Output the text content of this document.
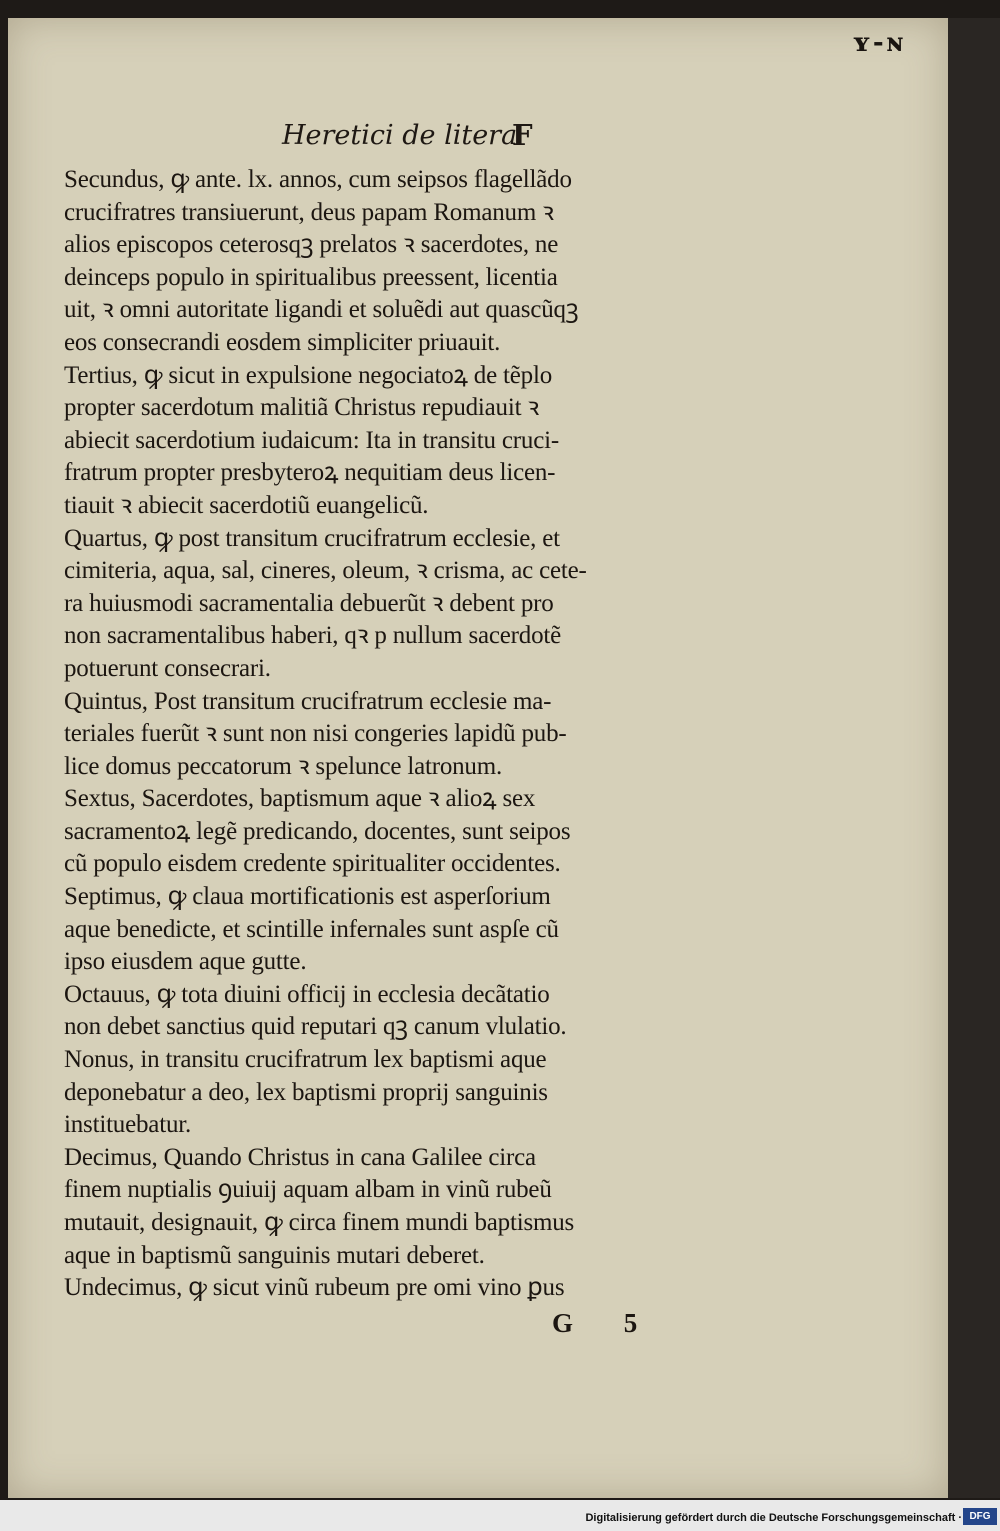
ʏ-ɴ
Heretici de litera
F
Secundus, ꝙ ante. lx. annos, cum seipsos flagellãdo
crucifratres transiuerunt, deus papam Romanum ꝛ
alios episcopos ceterosqꝫ prelatos ꝛ sacerdotes, ne
deinceps populo in spiritualibus preessent, licentia
uit, ꝛ omni autoritate ligandi et soluẽdi aut quascũqꝫ
eos consecrandi eosdem simpliciter priuauit.
Tertius, ꝙ sicut in expulsione negociatoꝝ de tẽplo
propter sacerdotum malitiã Christus repudiauit ꝛ
abiecit sacerdotium iudaicum: Ita in transitu cruci-
fratrum propter presbyteroꝝ nequitiam deus licen-
tiauit ꝛ abiecit sacerdotiũ euangelicũ.
Quartus, ꝙ post transitum crucifratrum ecclesie, et
cimiteria, aqua, sal, cineres, oleum, ꝛ crisma, ac cete-
ra huiusmodi sacramentalia debuerũt ꝛ debent pro
non sacramentalibus haberi, qꝛ p nullum sacerdotẽ
potuerunt consecrari.
Quintus, Post transitum crucifratrum ecclesie ma-
teriales fuerũt ꝛ sunt non nisi congeries lapidũ pub-
lice domus peccatorum ꝛ spelunce latronum.
Sextus, Sacerdotes, baptismum aque ꝛ alioꝝ sex
sacramentoꝝ legẽ predicando, docentes, sunt seipos
cũ populo eisdem credente spiritualiter occidentes.
Septimus, ꝙ claua mortificationis est asperſorium
aque benedicte, et scintille infernales sunt aspſe cũ
ipso eiusdem aque gutte.
Octauus, ꝙ tota diuini officij in ecclesia decãtatio
non debet sanctius quid reputari qꝫ canum vlulatio.
Nonus, in transitu crucifratrum lex baptismi aque
deponebatur a deo, lex baptismi proprij sanguinis
instituebatur.
Decimus, Quando Christus in cana Galilee circa
finem nuptialis ꝯuiuij aquam albam in vinũ rubeũ
mutauit, designauit, ꝙ circa finem mundi baptismus
aque in baptismũ sanguinis mutari deberet.
Undecimus, ꝙ sicut vinũ rubeum pre omi vino ꝑus
G 5
Digitalisierung gefördert durch die Deutsche Forschungsgemeinschaft · DFG
